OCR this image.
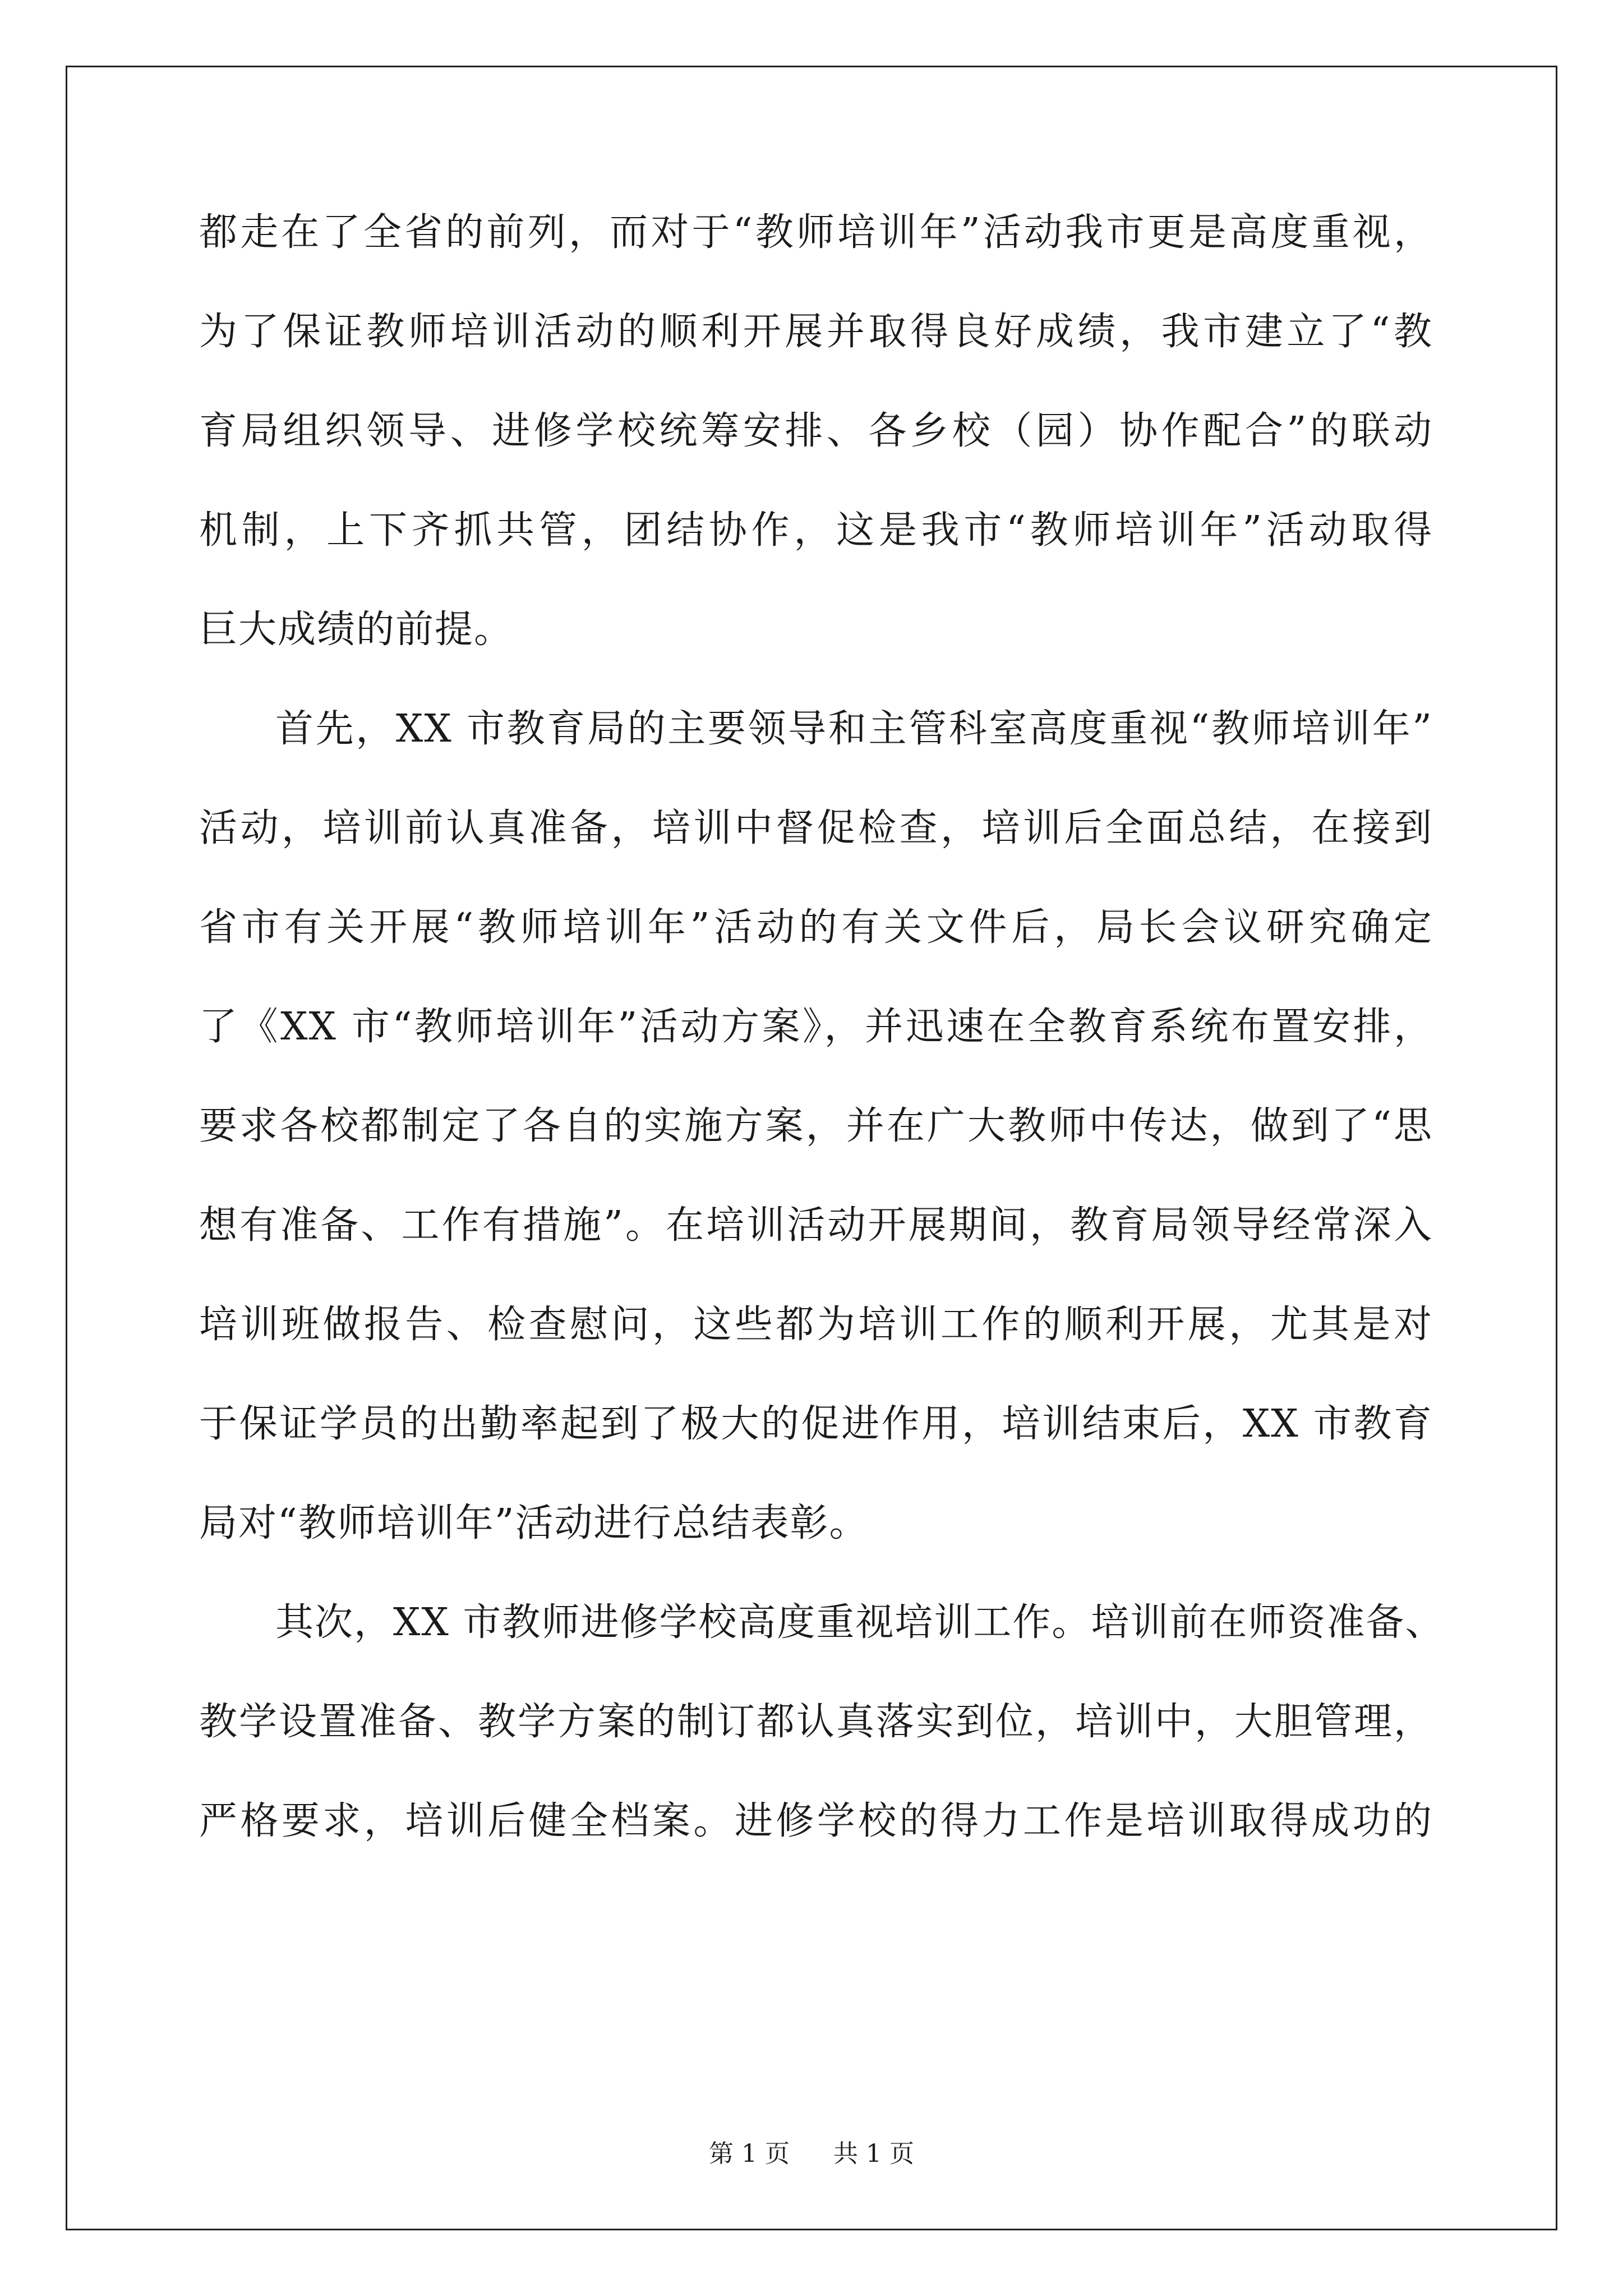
都走在了全省的前列，而对于“教师培训年”活动我市更是高度重视，
为了保证教师培训活动的顺利开展并取得良好成绩，我市建立了“教
育局组织领导、进修学校统筹安排、各乡校（园）协作配合”的联动
机制，上下齐抓共管，团结协作，这是我市“教师培训年”活动取得
巨大成绩的前提。
首先，XX 市教育局的主要领导和主管科室高度重视“教师培训年”
活动，培训前认真准备，培训中督促检查，培训后全面总结，在接到
省市有关开展“教师培训年”活动的有关文件后，局长会议研究确定
了《XX 市“教师培训年”活动方案》，并迅速在全教育系统布置安排，
要求各校都制定了各自的实施方案，并在广大教师中传达，做到了“思
想有准备、工作有措施”。在培训活动开展期间，教育局领导经常深入
培训班做报告、检查慰问，这些都为培训工作的顺利开展，尤其是对
于保证学员的出勤率起到了极大的促进作用，培训结束后，XX 市教育
局对“教师培训年”活动进行总结表彰。
其次，XX 市教师进修学校高度重视培训工作。培训前在师资准备、
教学设置准备、教学方案的制订都认真落实到位，培训中，大胆管理，
严格要求，培训后健全档案。进修学校的得力工作是培训取得成功的
第 1 页 共 1 页
